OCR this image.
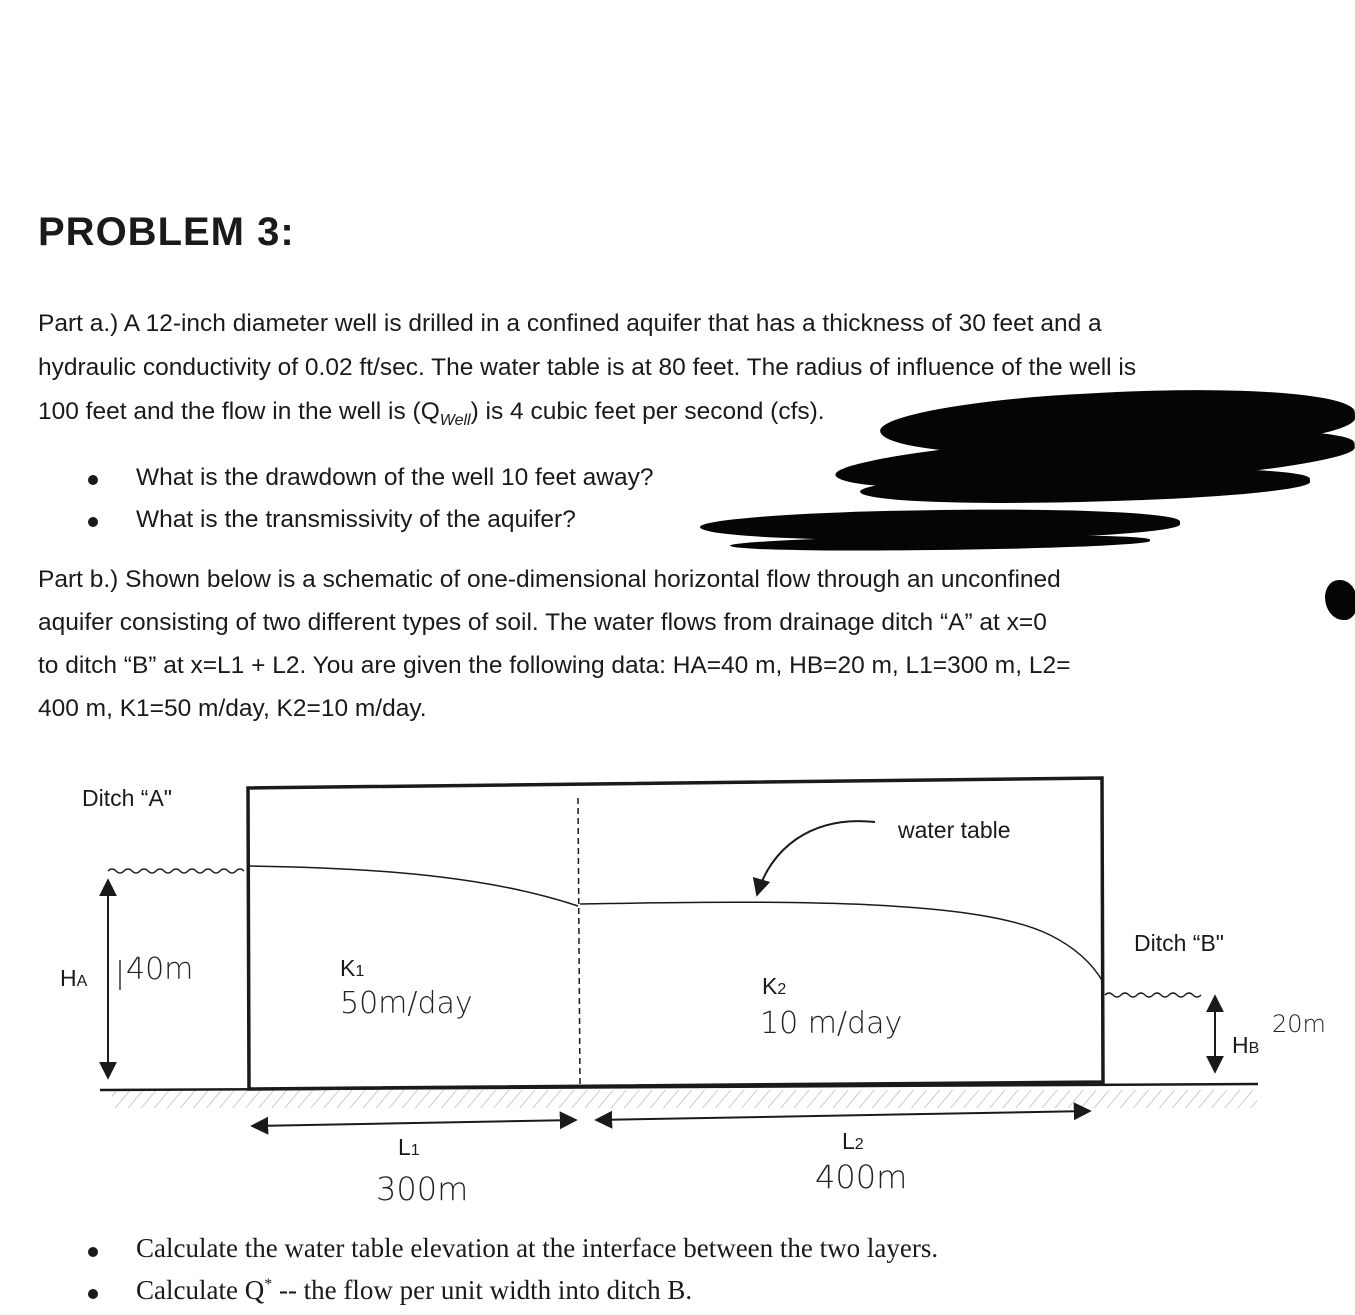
PROBLEM 3:
Part a.) A 12-inch diameter well is drilled in a confined aquifer that has a thickness of 30 feet and a
hydraulic conductivity of 0.02 ft/sec. The water table is at 80 feet. The radius of influence of the well is
100 feet and the flow in the well is $(Q_{Well})$ is 4 cubic feet per second (cfs).
What is the drawdown of the well 10 feet away?
What is the transmissivity of the aquifer?
Part b.) Shown below is a schematic of one-dimensional horizontal flow through an unconfined
aquifer consisting of two different types of soil. The water flows from drainage ditch “A” at x=0
to ditch “B” at x=L1 + L2. You are given the following data: HA=40 m, HB=20 m, L1=300 m, L2=
400 m, K1=50 m/day, K2=10 m/day.
Ditch “A"
water table
Ditch “B"
HA
K1
K2
HB
L1	L2
40m
50m/day
10 m/day	20m
300m	400m
Calculate the water table elevation at the interface between the two layers.
Calculate Q* -- the flow per unit width into ditch B.
